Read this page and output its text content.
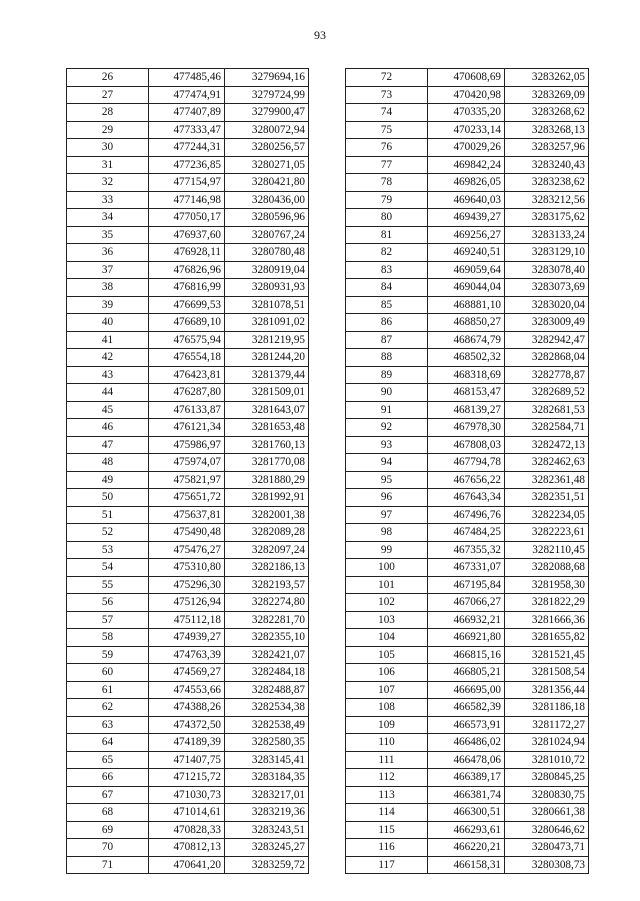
93
26	477485,46	3279694,16
27	477474,91	3279724,99
28	477407,89	3279900,47
29	477333,47	3280072,94
30	477244,31	3280256,57
31	477236,85	3280271,05
32	477154,97	3280421,80
33	477146,98	3280436,00
34	477050,17	3280596,96
35	476937,60	3280767,24
36	476928,11	3280780,48
37	476826,96	3280919,04
38	476816,99	3280931,93
39	476699,53	3281078,51
40	476689,10	3281091,02
41	476575,94	3281219,95
42	476554,18	3281244,20
43	476423,81	3281379,44
44	476287,80	3281509,01
45	476133,87	3281643,07
46	476121,34	3281653,48
47	475986,97	3281760,13
48	475974,07	3281770,08
49	475821,97	3281880,29
50	475651,72	3281992,91
51	475637,81	3282001,38
52	475490,48	3282089,28
53	475476,27	3282097,24
54	475310,80	3282186,13
55	475296,30	3282193,57
56	475126,94	3282274,80
57	475112,18	3282281,70
58	474939,27	3282355,10
59	474763,39	3282421,07
60	474569,27	3282484,18
61	474553,66	3282488,87
62	474388,26	3282534,38
63	474372,50	3282538,49
64	474189,39	3282580,35
65	471407,75	3283145,41
66	471215,72	3283184,35
67	471030,73	3283217,01
68	471014,61	3283219,36
69	470828,33	3283243,51
70	470812,13	3283245,27
71	470641,20	3283259,72
72	470608,69	3283262,05
73	470420,98	3283269,09
74	470335,20	3283268,62
75	470233,14	3283268,13
76	470029,26	3283257,96
77	469842,24	3283240,43
78	469826,05	3283238,62
79	469640,03	3283212,56
80	469439,27	3283175,62
81	469256,27	3283133,24
82	469240,51	3283129,10
83	469059,64	3283078,40
84	469044,04	3283073,69
85	468881,10	3283020,04
86	468850,27	3283009,49
87	468674,79	3282942,47
88	468502,32	3282868,04
89	468318,69	3282778,87
90	468153,47	3282689,52
91	468139,27	3282681,53
92	467978,30	3282584,71
93	467808,03	3282472,13
94	467794,78	3282462,63
95	467656,22	3282361,48
96	467643,34	3282351,51
97	467496,76	3282234,05
98	467484,25	3282223,61
99	467355,32	3282110,45
100	467331,07	3282088,68
101	467195,84	3281958,30
102	467066,27	3281822,29
103	466932,21	3281666,36
104	466921,80	3281655,82
105	466815,16	3281521,45
106	466805,21	3281508,54
107	466695,00	3281356,44
108	466582,39	3281186,18
109	466573,91	3281172,27
110	466486,02	3281024,94
111	466478,06	3281010,72
112	466389,17	3280845,25
113	466381,74	3280830,75
114	466300,51	3280661,38
115	466293,61	3280646,62
116	466220,21	3280473,71
117	466158,31	3280308,73
